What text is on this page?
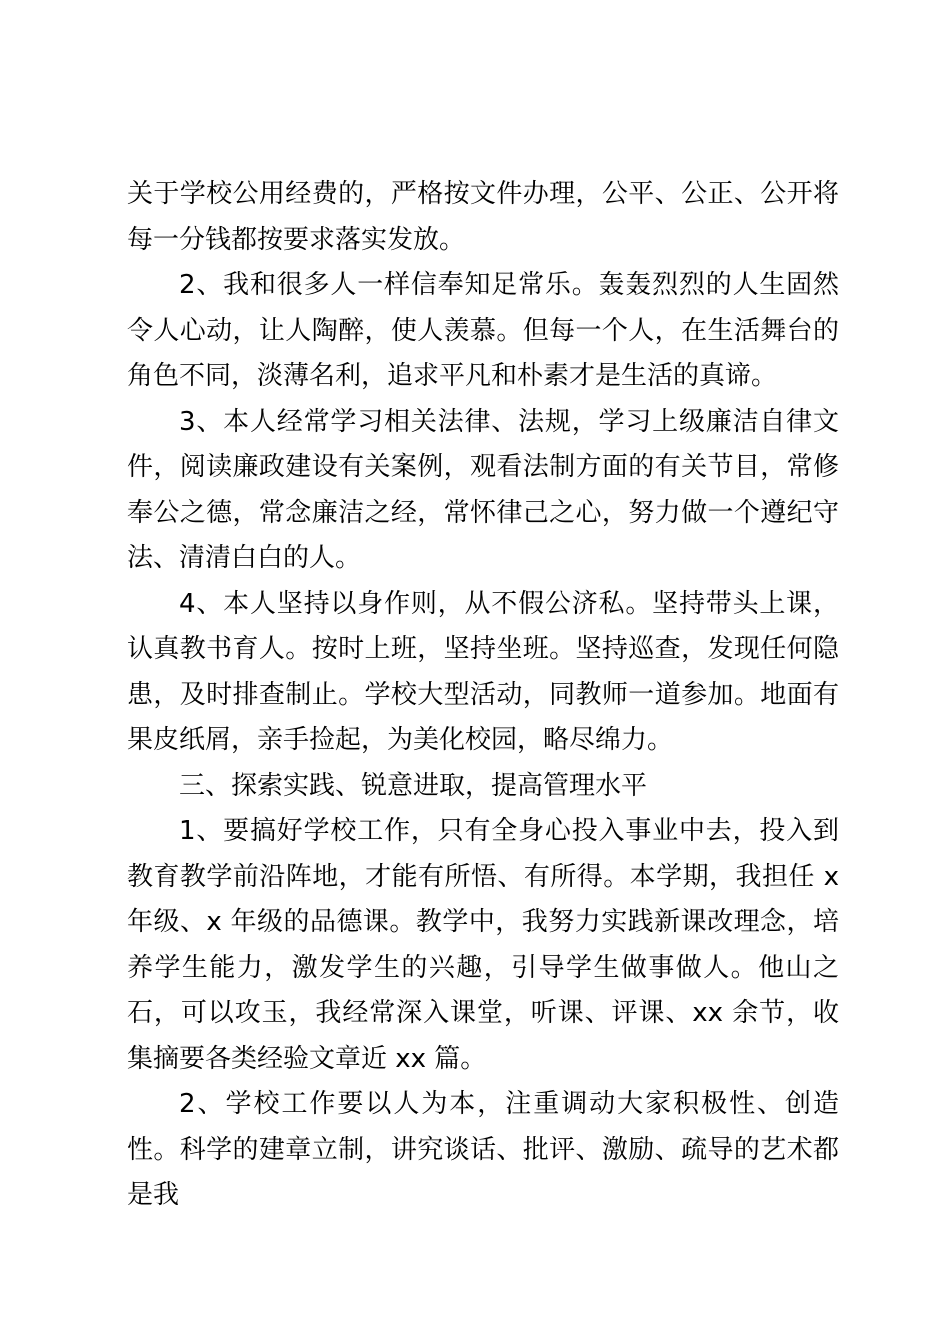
关于学校公用经费的，严格按文件办理，公平、公正、公开将每一分钱都按要求落实发放。

2、我和很多人一样信奉知足常乐。轰轰烈烈的人生固然令人心动，让人陶醉，使人羡慕。但每一个人，在生活舞台的角色不同，淡薄名利，追求平凡和朴素才是生活的真谛。

3、本人经常学习相关法律、法规，学习上级廉洁自律文件，阅读廉政建设有关案例，观看法制方面的有关节目，常修奉公之德，常念廉洁之经，常怀律己之心，努力做一个遵纪守法、清清白白的人。

4、本人坚持以身作则，从不假公济私。坚持带头上课，认真教书育人。按时上班，坚持坐班。坚持巡查，发现任何隐患，及时排查制止。学校大型活动，同教师一道参加。地面有果皮纸屑，亲手捡起，为美化校园，略尽绵力。

三、探索实践、锐意进取，提高管理水平

1、要搞好学校工作，只有全身心投入事业中去，投入到教育教学前沿阵地，才能有所悟、有所得。本学期，我担任 x 年级、x 年级的品德课。教学中，我努力实践新课改理念，培养学生能力，激发学生的兴趣，引导学生做事做人。他山之石，可以攻玉，我经常深入课堂，听课、评课、xx 余节，收集摘要各类经验文章近 xx 篇。

2、学校工作要以人为本，注重调动大家积极性、创造性。科学的建章立制，讲究谈话、批评、激励、疏导的艺术都是我
